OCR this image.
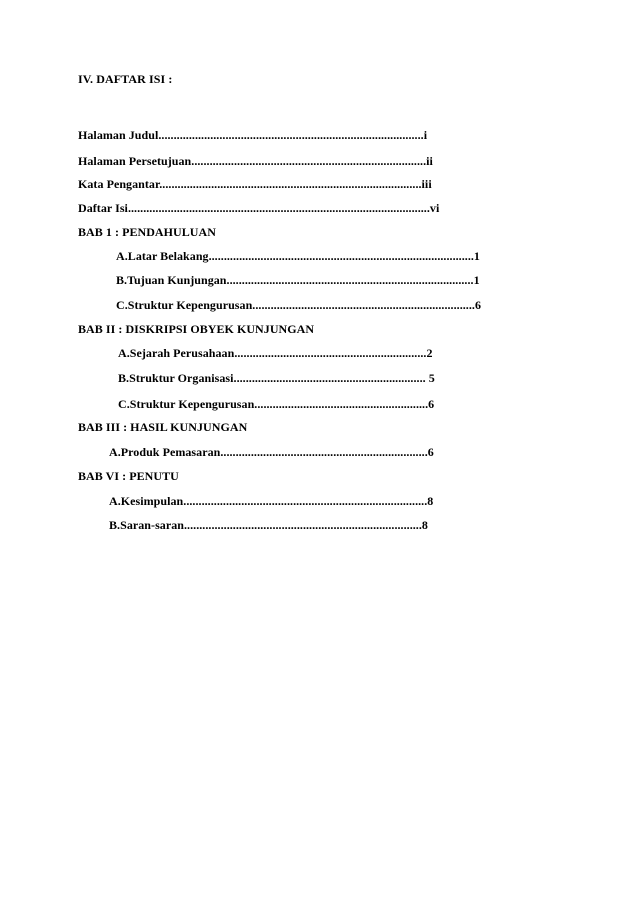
IV. DAFTAR ISI :
Halaman Judul.......................................................................................i
Halaman Persetujuan.............................................................................ii
Kata Pengantar......................................................................................iii
Daftar Isi...................................................................................................vi
BAB 1 : PENDAHULUAN
A.Latar Belakang.......................................................................................1
B.Tujuan Kunjungan.................................................................................1
C.Struktur Kepengurusan.........................................................................6
BAB II : DISKRIPSI OBYEK KUNJUNGAN
A.Sejarah Perusahaan...............................................................2
B.Struktur Organisasi............................................................... 5
C.Struktur Kepengurusan.........................................................6
BAB III : HASIL KUNJUNGAN
A.Produk Pemasaran....................................................................6
BAB VI : PENUTU
A.Kesimpulan................................................................................8
B.Saran-saran..............................................................................8
